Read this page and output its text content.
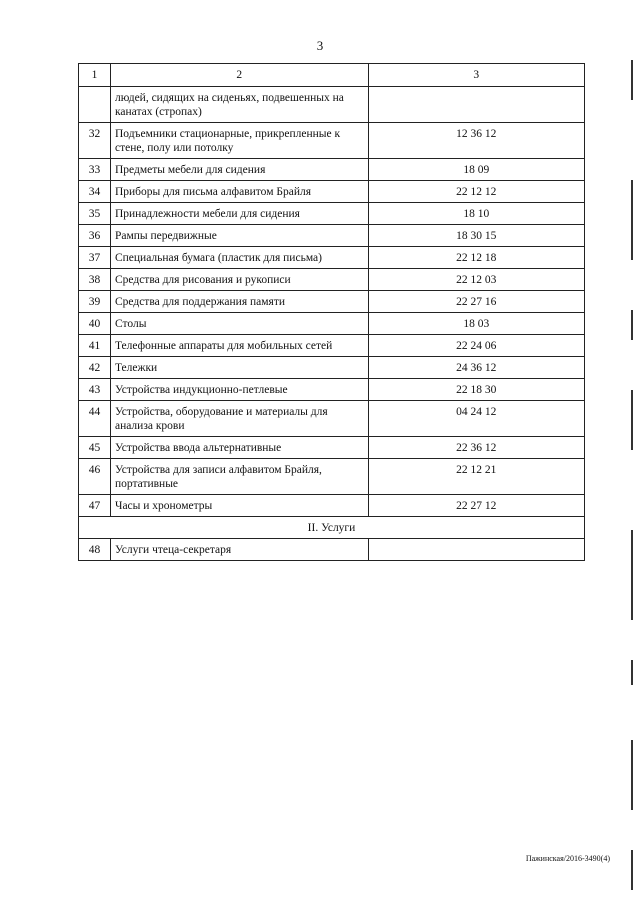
3
1	2	3
	людей, сидящих на сиденьях, подвешенных на канатах (стропах)	
32	Подъемники стационарные, прикрепленные к стене, полу или потолку	12 36 12
33	Предметы мебели для сидения	18 09
34	Приборы для письма алфавитом Брайля	22 12 12
35	Принадлежности мебели для сидения	18 10
36	Рампы передвижные	18 30 15
37	Специальная бумага (пластик для письма)	22 12 18
38	Средства для рисования и рукописи	22 12 03
39	Средства для поддержания памяти	22 27 16
40	Столы	18 03
41	Телефонные аппараты для мобильных сетей	22 24 06
42	Тележки	24 36 12
43	Устройства индукционно-петлевые	22 18 30
44	Устройства, оборудование и материалы для анализа крови	04 24 12
45	Устройства ввода альтернативные	22 36 12
46	Устройства для записи алфавитом Брайля, портативные	22 12 21
47	Часы и хронометры	22 27 12
II. Услуги		
48	Услуги чтеца-секретаря	
Пажинская/2016-3490(4)
